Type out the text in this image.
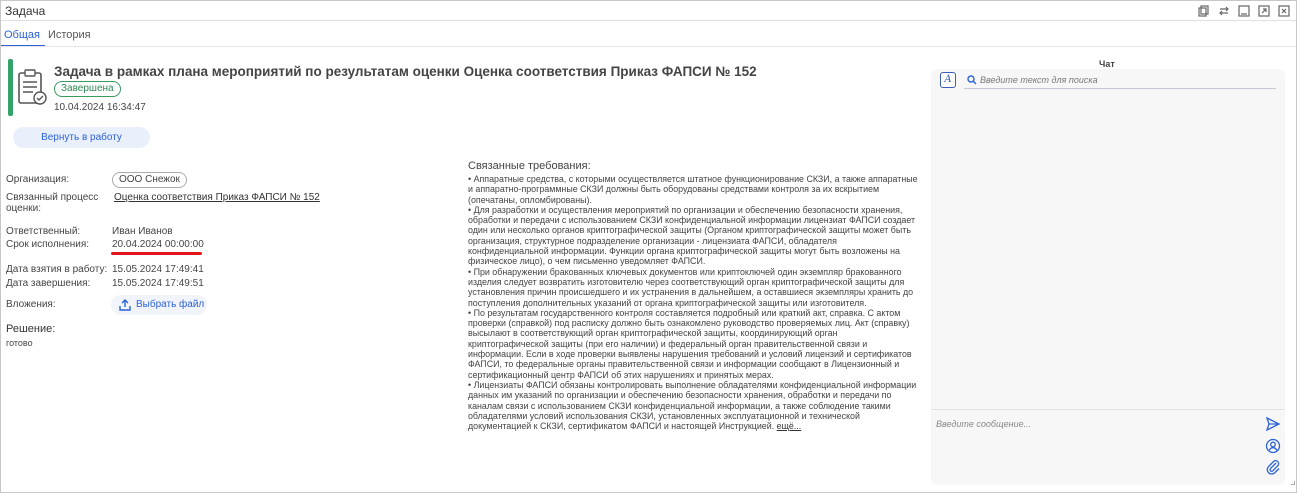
Задача
Общая История
Задача в рамках плана мероприятий по результатам оценки Оценка соответствия Приказ ФАПСИ № 152
Завершена
10.04.2024 16:34:47
Вернуть в работу
Организация:	ООО Снежок
Связанный процесс оценки:
Оценка соответствия Приказ ФАПСИ № 152
Ответственный:	Иван Иванов
Срок исполнения: 20.04.2024 00:00:00
Дата взятия в работу: 15.05.2024 17:49:41
Дата завершения: 15.05.2024 17:49:51
Вложения:	Выбрать файл
Решение:
готово
Связанные требования:

• Аппаратные средства, с которыми осуществляется штатное функционирование СКЗИ, а также аппаратные и аппаратно-программные СКЗИ должны быть оборудованы средствами контроля за их вскрытием (опечатаны, опломбированы).

• Для разработки и осуществления мероприятий по организации и обеспечению безопасности хранения, обработки и передачи с использованием СКЗИ конфиденциальной информации лицензиат ФАПСИ создает один или несколько органов криптографической защиты (Органом криптографической защиты может быть организация, структурное подразделение организации - лицензиата ФАПСИ, обладателя конфиденциальной информации. Функции органа криптографической защиты могут быть возложены на физическое лицо), о чем письменно уведомляет ФАПСИ.

• При обнаружении бракованных ключевых документов или криптоключей один экземпляр бракованного изделия следует возвратить изготовителю через соответствующий орган криптографической защиты для установления причин происшедшего и их устранения в дальнейшем, а оставшиеся экземпляры хранить до поступления дополнительных указаний от органа криптографической защиты или изготовителя.

• По результатам государственного контроля составляется подробный или краткий акт, справка. С актом проверки (справкой) под расписку должно быть ознакомлено руководство проверяемых лиц. Акт (справку) высылают в соответствующий орган криптографической защиты, координирующий орган криптографической защиты (при его наличии) и федеральный орган правительственной связи и информации. Если в ходе проверки выявлены нарушения требований и условий лицензий и сертификатов ФАПСИ, то федеральные органы правительственной связи и информации сообщают в Лицензионный и сертификационный центр ФАПСИ об этих нарушениях и принятых мерах.

• Лицензиаты ФАПСИ обязаны контролировать выполнение обладателями конфиденциальной информации данных им указаний по организации и обеспечению безопасности хранения, обработки и передачи по каналам связи с использованием СКЗИ конфиденциальной информации, а также соблюдение такими обладателями условий использования СКЗИ, установленных эксплуатационной и технической документацией к СКЗИ, сертификатом ФАПСИ и настоящей Инструкцией. ещё...

Чат
A
Введите текст для поиска
Введите сообщение...
